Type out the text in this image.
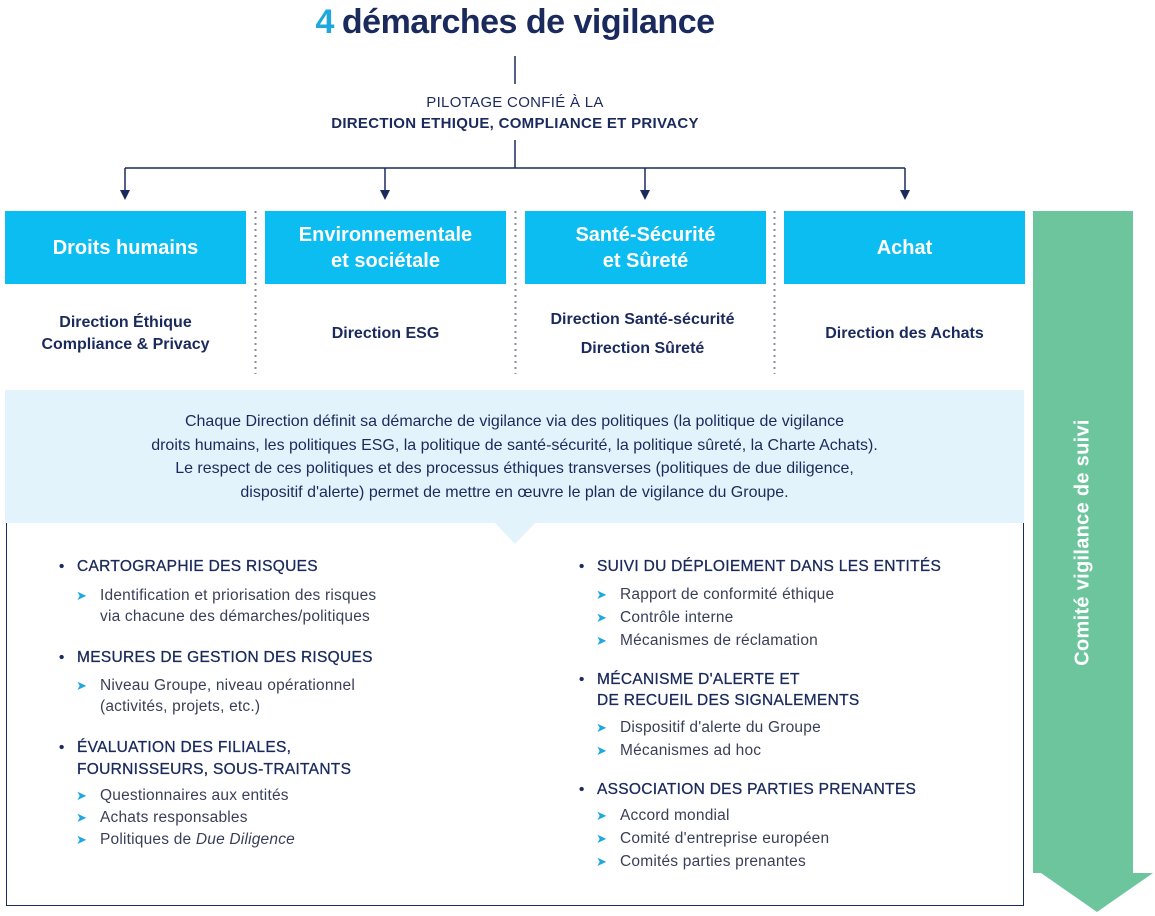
4 démarches de vigilance
PILOTAGE CONFIÉ À LA
DIRECTION ETHIQUE, COMPLIANCE ET PRIVACY
Droits humains
Environnementale
et sociétale
Santé-Sécurité
et Sûreté
Achat
Direction Éthique
Compliance & Privacy
Direction ESG
Direction Santé-sécurité
Direction Sûreté
Direction des Achats
Chaque Direction définit sa démarche de vigilance via des politiques (la politique de vigilance
droits humains, les politiques ESG, la politique de santé-sécurité, la politique sûreté, la Charte Achats).
Le respect de ces politiques et des processus éthiques transverses (politiques de due diligence,
dispositif d'alerte) permet de mettre en œuvre le plan de vigilance du Groupe.
• CARTOGRAPHIE DES RISQUES
➤ Identification et priorisation des risques
via chacune des démarches/politiques
• MESURES DE GESTION DES RISQUES
➤ Niveau Groupe, niveau opérationnel
(activités, projets, etc.)
• ÉVALUATION DES FILIALES,
FOURNISSEURS, SOUS-TRAITANTS
➤ Questionnaires aux entités
➤ Achats responsables
➤ Politiques de Due Diligence
• SUIVI DU DÉPLOIEMENT DANS LES ENTITÉS
➤ Rapport de conformité éthique
➤ Contrôle interne
➤ Mécanismes de réclamation
• MÉCANISME D'ALERTE ET
DE RECUEIL DES SIGNALEMENTS
➤ Dispositif d'alerte du Groupe
➤ Mécanismes ad hoc
• ASSOCIATION DES PARTIES PRENANTES
➤ Accord mondial
➤ Comité d'entreprise européen
➤ Comités parties prenantes
Comité vigilance de suivi
